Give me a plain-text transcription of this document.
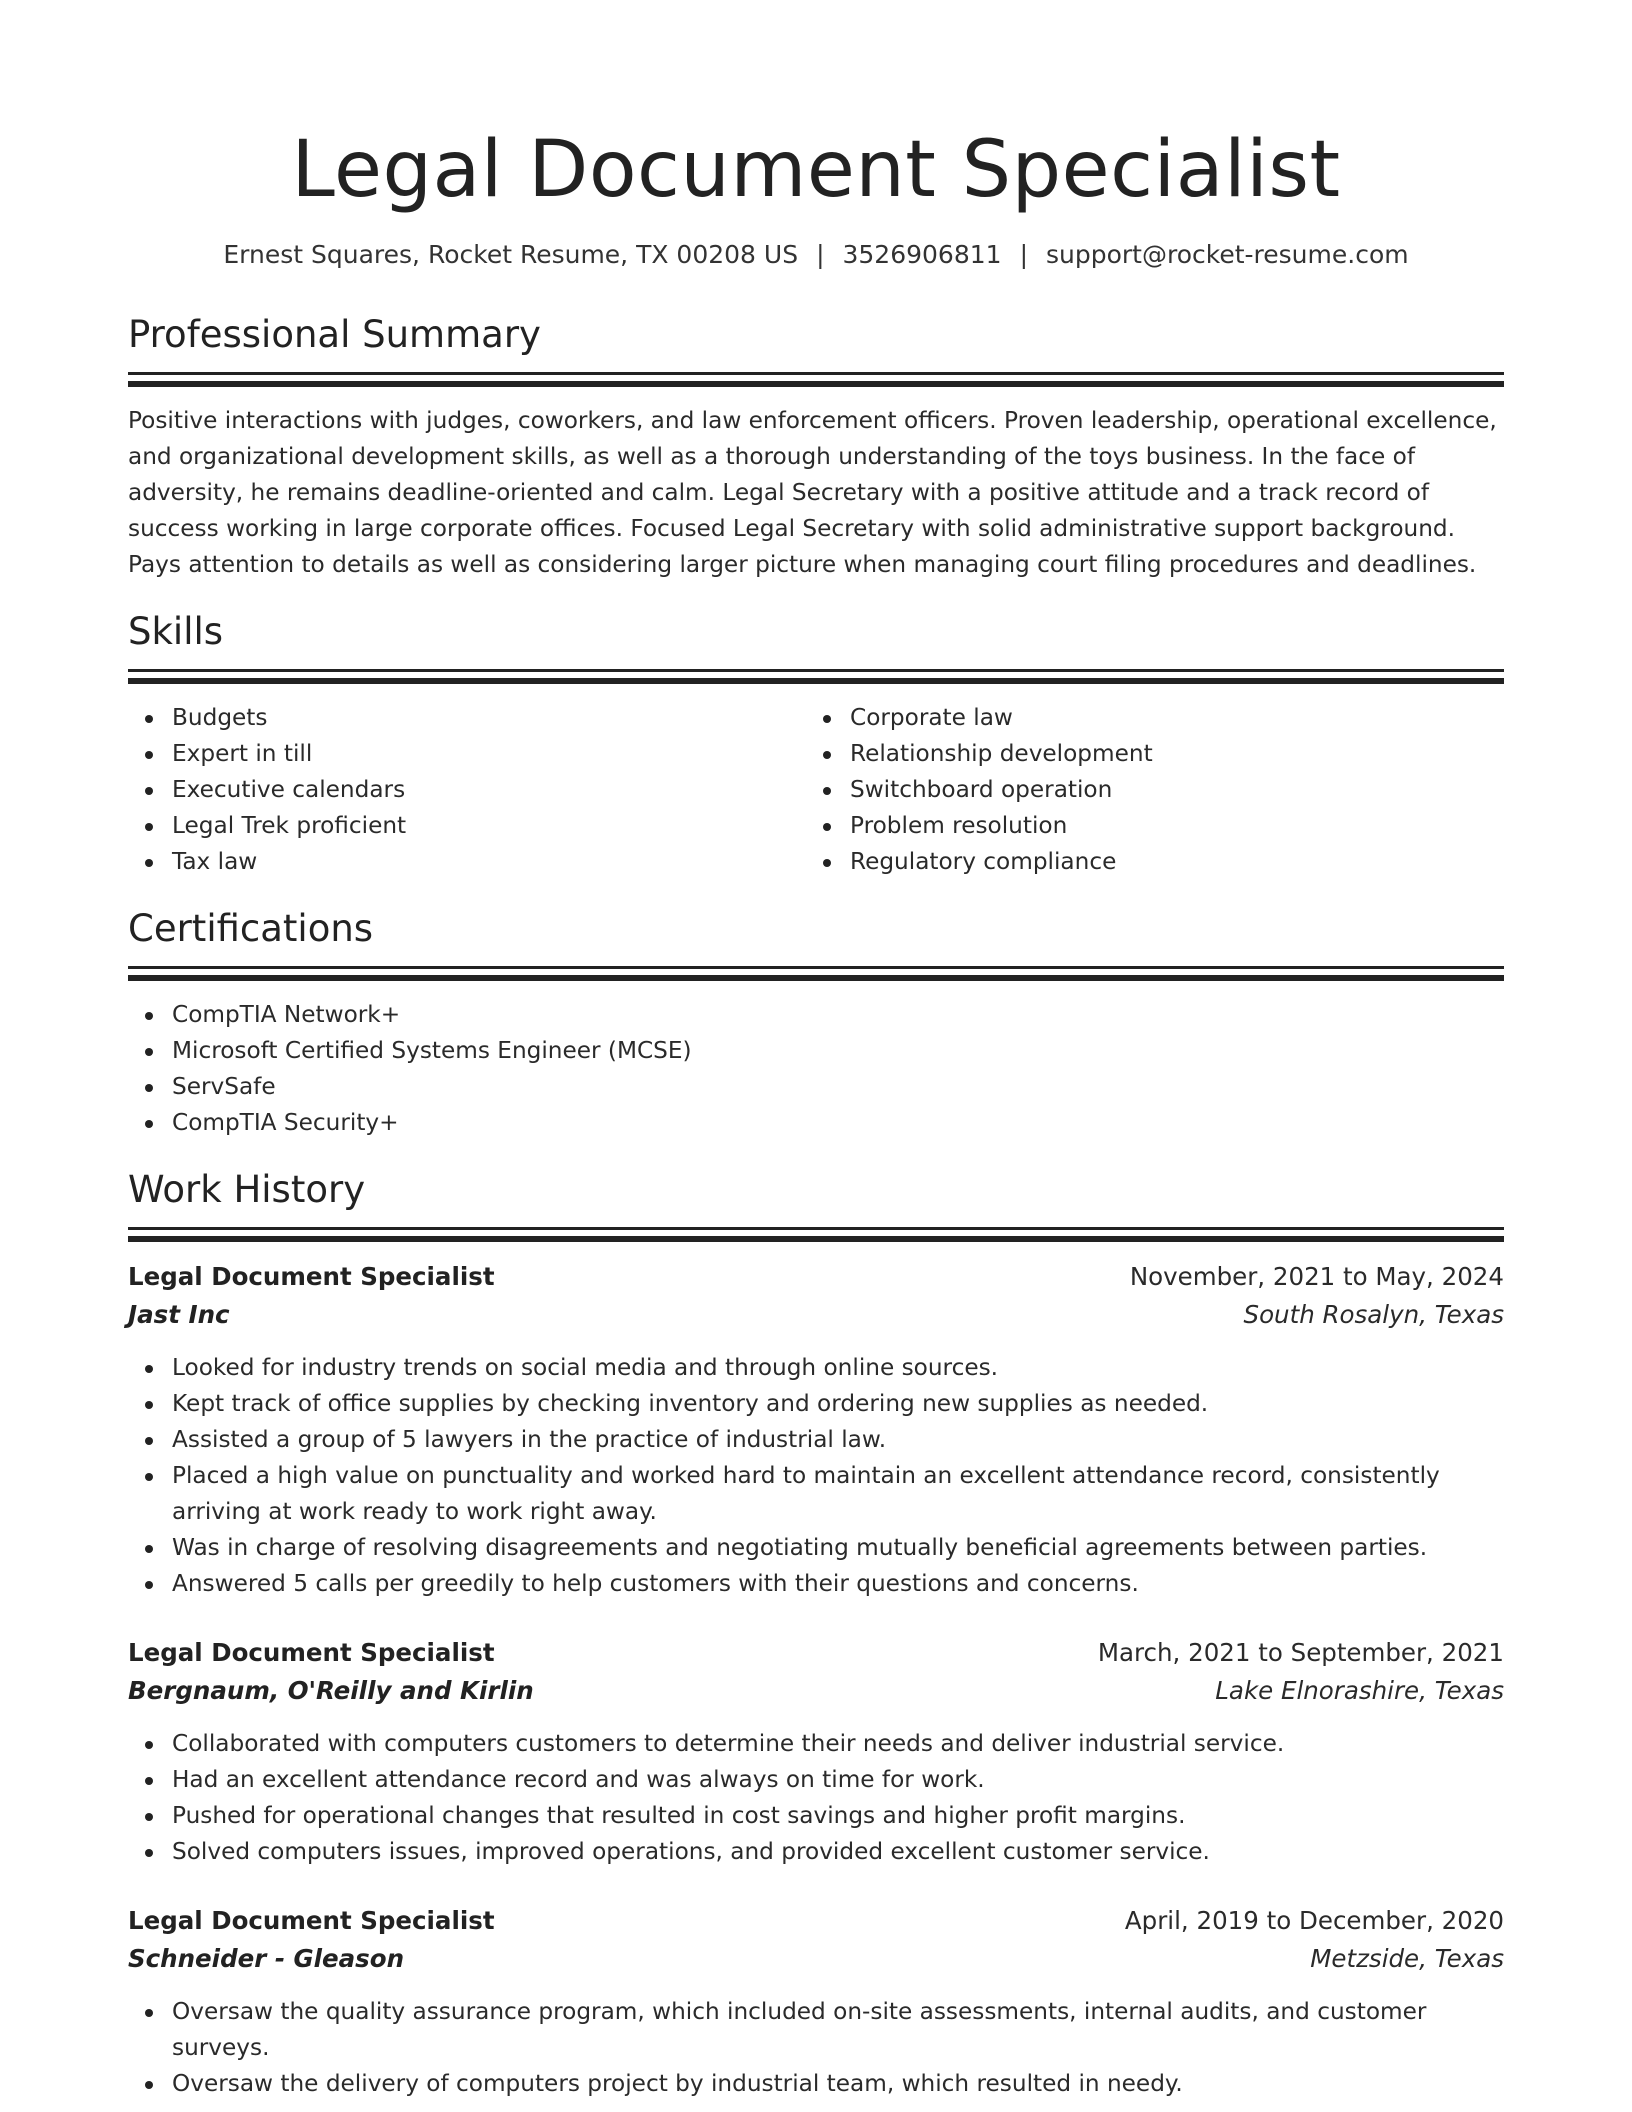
Legal Document Specialist
Ernest Squares, Rocket Resume, TX 00208 US | 3526906811 | support@rocket-resume.com
Professional Summary
Positive interactions with judges, coworkers, and law enforcement officers. Proven leadership, operational excellence, and organizational development skills, as well as a thorough understanding of the toys business. In the face of adversity, he remains deadline-oriented and calm. Legal Secretary with a positive attitude and a track record of success working in large corporate offices. Focused Legal Secretary with solid administrative support background. Pays attention to details as well as considering larger picture when managing court filing procedures and deadlines.
Skills
Budgets
Expert in till
Executive calendars
Legal Trek proficient
Tax law
Corporate law
Relationship development
Switchboard operation
Problem resolution
Regulatory compliance
Certifications
CompTIA Network+
Microsoft Certified Systems Engineer (MCSE)
ServSafe
CompTIA Security+
Work History
Legal Document Specialist	November, 2021 to May, 2024
Jast Inc	South Rosalyn, Texas
Looked for industry trends on social media and through online sources.
Kept track of office supplies by checking inventory and ordering new supplies as needed.
Assisted a group of 5 lawyers in the practice of industrial law.
Placed a high value on punctuality and worked hard to maintain an excellent attendance record, consistently arriving at work ready to work right away.
Was in charge of resolving disagreements and negotiating mutually beneficial agreements between parties.
Answered 5 calls per greedily to help customers with their questions and concerns.
Legal Document Specialist	March, 2021 to September, 2021
Bergnaum, O'Reilly and Kirlin	Lake Elnorashire, Texas
Collaborated with computers customers to determine their needs and deliver industrial service.
Had an excellent attendance record and was always on time for work.
Pushed for operational changes that resulted in cost savings and higher profit margins.
Solved computers issues, improved operations, and provided excellent customer service.
Legal Document Specialist	April, 2019 to December, 2020
Schneider - Gleason	Metzside, Texas
Oversaw the quality assurance program, which included on-site assessments, internal audits, and customer surveys.
Oversaw the delivery of computers project by industrial team, which resulted in needy.
